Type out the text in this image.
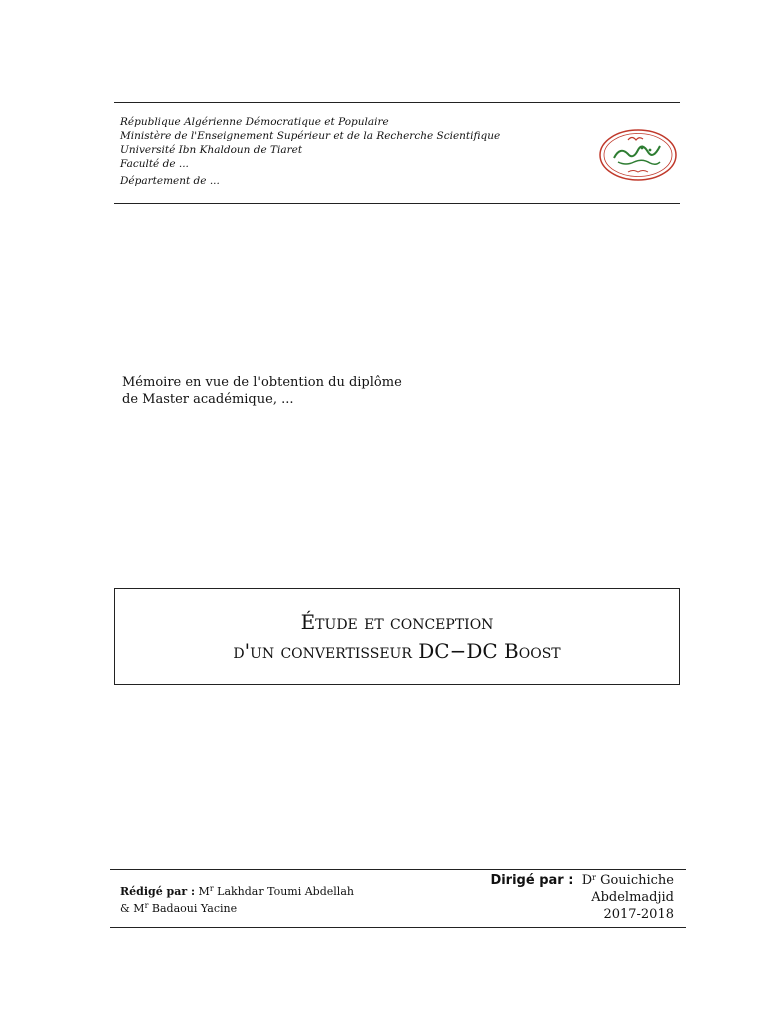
République Algérienne Démocratique et Populaire
Ministère de l'Enseignement Supérieur et de la Recherche Scientifique
Université Ibn Khaldoun de Tiaret
Faculté de ...
Département de ...
Mémoire en vue de l'obtention du diplôme
de Master académique, ...
Étude et conception
d'un convertisseur DC−DC Boost
Rédigé par : $M^r$ Lakhdar Toumi Abdellah
& $M^r$ Badaoui Yacine
Dirigé par : $D^r$ Gouichiche
Abdelmadjid
2017-2018
